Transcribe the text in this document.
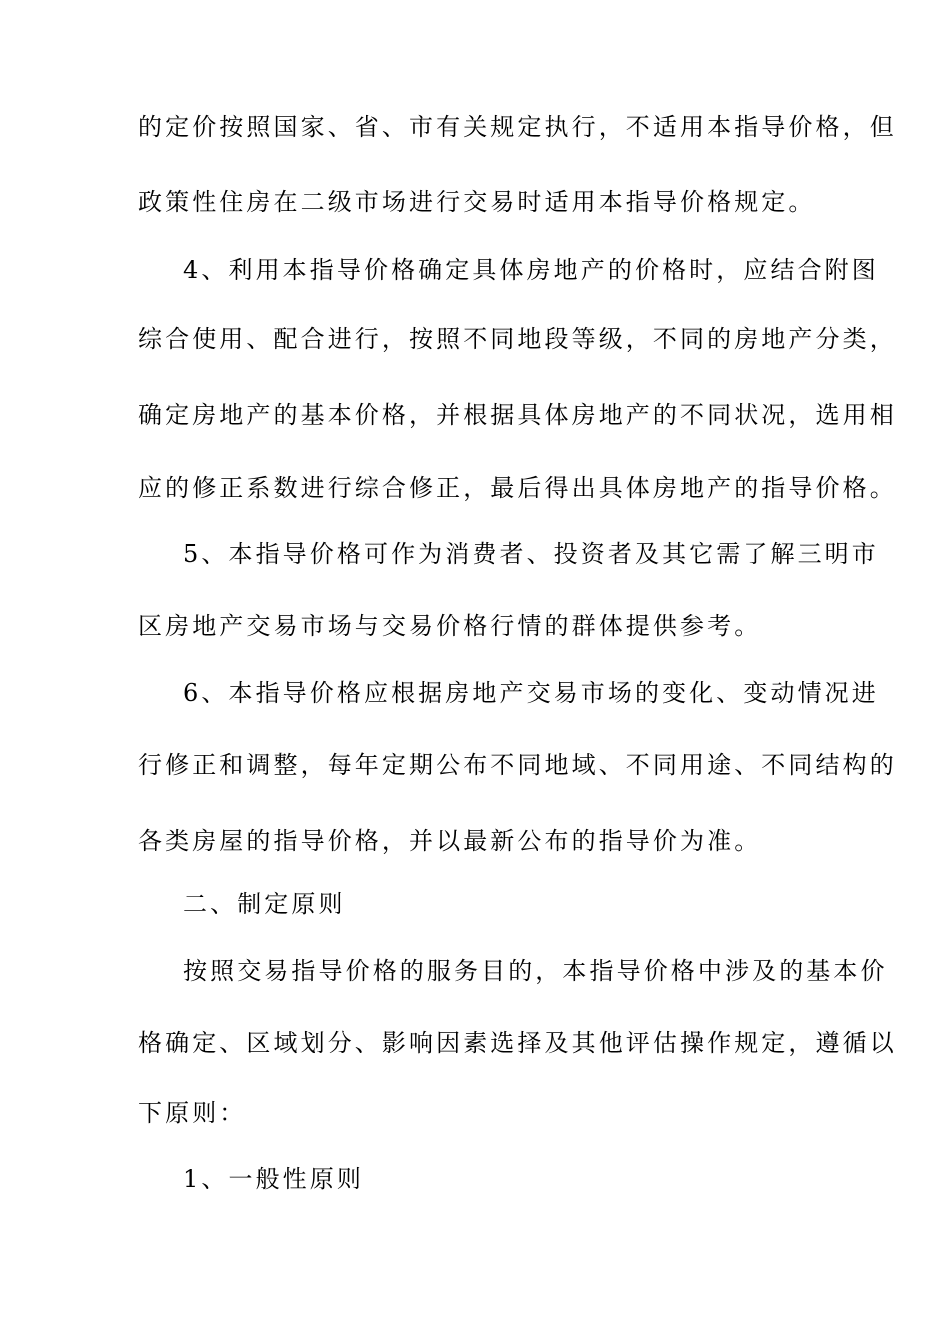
的定价按照国家、省、市有关规定执行，不适用本指导价格，但
政策性住房在二级市场进行交易时适用本指导价格规定。
4、利用本指导价格确定具体房地产的价格时，应结合附图
综合使用、配合进行，按照不同地段等级，不同的房地产分类，
确定房地产的基本价格，并根据具体房地产的不同状况，选用相
应的修正系数进行综合修正，最后得出具体房地产的指导价格。
5、本指导价格可作为消费者、投资者及其它需了解三明市
区房地产交易市场与交易价格行情的群体提供参考。
6、本指导价格应根据房地产交易市场的变化、变动情况进
行修正和调整，每年定期公布不同地域、不同用途、不同结构的
各类房屋的指导价格，并以最新公布的指导价为准。
二、制定原则
按照交易指导价格的服务目的，本指导价格中涉及的基本价
格确定、区域划分、影响因素选择及其他评估操作规定，遵循以
下原则：
1、一般性原则
